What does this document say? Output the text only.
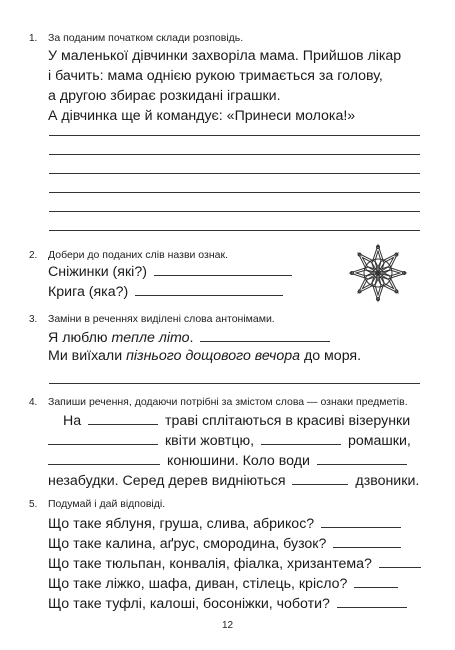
1. За поданим початком склади розповідь.
У маленької дівчинки захворіла мама. Прийшов лікар
і бачить: мама однією рукою тримається за голову,
а другою збирає розкидані іграшки.
А дівчинка ще й командує: «Принеси молока!»
2. Добери до поданих слів назви ознак.
Сніжинки (які?)
Крига (яка?)
3. Заміни в реченнях виділені слова антонімами.
Я люблю тепле літо.
Ми виїхали пізнього дощового вечора до моря.
4. Запиши речення, додаючи потрібні за змістом слова — ознаки предметів.
На	траві сплітаються в красиві візерунки
квіти жовтцю,	ромашки,
конюшини. Коло води
незабудки. Серед дерев видніються	дзвоники.
5. Подумай і дай відповіді.
Що таке яблуня, груша, слива, абрикос?
Що таке калина, аґрус, смородина, бузок?
Що таке тюльпан, конвалія, фіалка, хризантема?
Що таке ліжко, шафа, диван, стілець, крісло?
Що таке туфлі, калоші, босоніжки, чоботи?
12
